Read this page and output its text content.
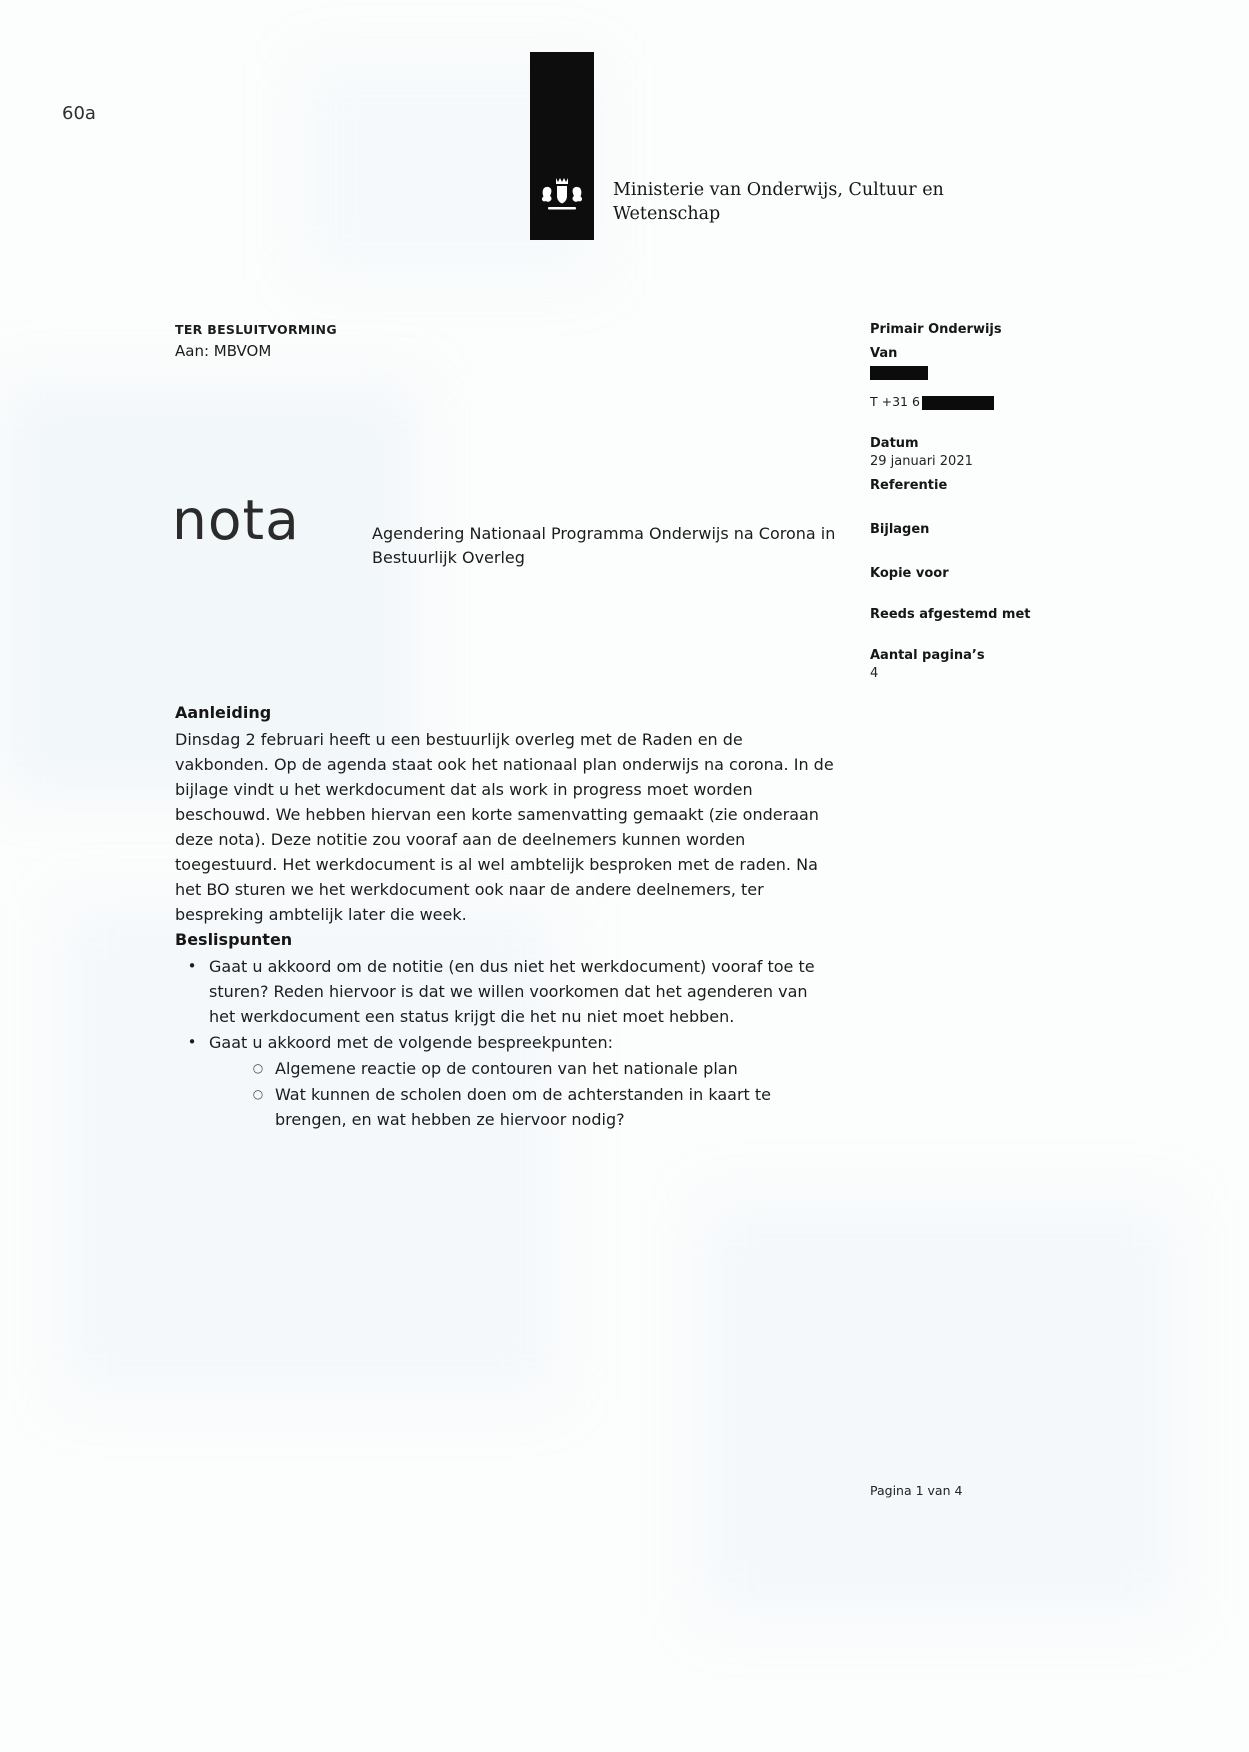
60a
Ministerie van Onderwijs, Cultuur en
Wetenschap
TER BESLUITVORMING
Aan: MBVOM
nota	Agendering Nationaal Programma Onderwijs na Corona in Bestuurlijk Overleg
Primair Onderwijs
Van
T +31 6
Datum
29 januari 2021
Referentie
Bijlagen
Kopie voor
Reeds afgestemd met
Aantal pagina’s
4
Aanleiding

Dinsdag 2 februari heeft u een bestuurlijk overleg met de Raden en de vakbonden. Op de agenda staat ook het nationaal plan onderwijs na corona. In de bijlage vindt u het werkdocument dat als work in progress moet worden beschouwd. We hebben hiervan een korte samenvatting gemaakt (zie onderaan deze nota). Deze notitie zou vooraf aan de deelnemers kunnen worden toegestuurd. Het werkdocument is al wel ambtelijk besproken met de raden. Na het BO sturen we het werkdocument ook naar de andere deelnemers, ter bespreking ambtelijk later die week.

Beslispunten
• Gaat u akkoord om de notitie (en dus niet het werkdocument) vooraf toe te sturen? Reden hiervoor is dat we willen voorkomen dat het agenderen van het werkdocument een status krijgt die het nu niet moet hebben.
• Gaat u akkoord met de volgende bespreekpunten:
○ Algemene reactie op de contouren van het nationale plan
○ Wat kunnen de scholen doen om de achterstanden in kaart te brengen, en wat hebben ze hiervoor nodig?
Pagina 1 van 4
